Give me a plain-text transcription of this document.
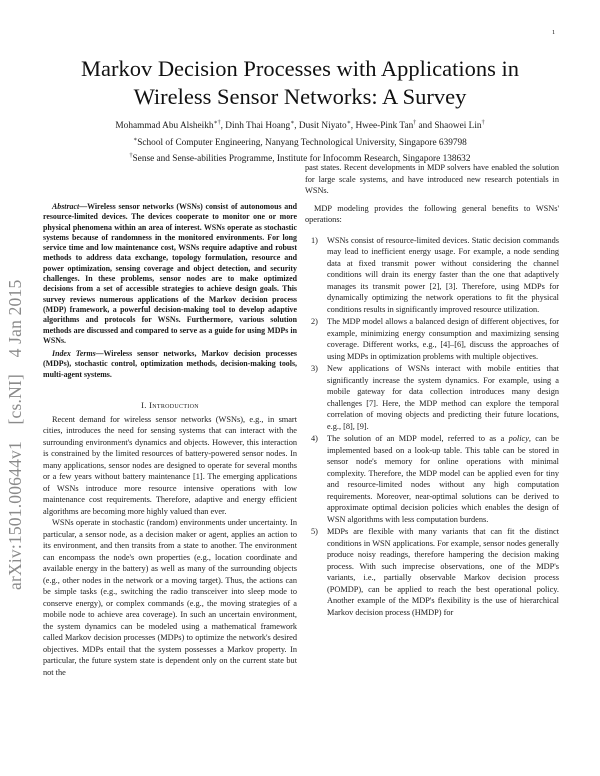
1
arXiv:1501.00644v1 [cs.NI] 4 Jan 2015
Markov Decision Processes with Applications in
Wireless Sensor Networks: A Survey
Mohammad Abu Alsheikh∗†, Dinh Thai Hoang∗, Dusit Niyato∗, Hwee-Pink Tan† and Shaowei Lin†
∗School of Computer Engineering, Nanyang Technological University, Singapore 639798
†Sense and Sense-abilities Programme, Institute for Infocomm Research, Singapore 138632

Abstract—Wireless sensor networks (WSNs) consist of autonomous and resource-limited devices. The devices cooperate to monitor one or more physical phenomena within an area of interest. WSNs operate as stochastic systems because of randomness in the monitored environments. For long service time and low maintenance cost, WSNs require adaptive and robust methods to address data exchange, topology formulation, resource and power optimization, sensing coverage and object detection, and security challenges. In these problems, sensor nodes are to make optimized decisions from a set of accessible strategies to achieve design goals. This survey reviews numerous applications of the Markov decision process (MDP) framework, a powerful decision-making tool to develop adaptive algorithms and protocols for WSNs. Furthermore, various solution methods are discussed and compared to serve as a guide for using MDPs in WSNs.

Index Terms—Wireless sensor networks, Markov decision processes (MDPs), stochastic control, optimization methods, decision-making tools, multi-agent systems.

I. Introduction

Recent demand for wireless sensor networks (WSNs), e.g., in smart cities, introduces the need for sensing systems that can interact with the surrounding environment's dynamics and objects. However, this interaction is constrained by the limited resources of battery-powered sensor nodes. In many applications, sensor nodes are designed to operate for several months or a few years without battery maintenance [1]. The emerging applications of WSNs introduce more resource intensive operations with low maintenance cost requirements. Therefore, adaptive and energy efficient algorithms are becoming more highly valued than ever.

WSNs operate in stochastic (random) environments under uncertainty. In particular, a sensor node, as a decision maker or agent, applies an action to its environment, and then transits from a state to another. The environment can encompass the node's own properties (e.g., location coordinate and available energy in the battery) as well as many of the surrounding objects (e.g., other nodes in the network or a moving target). Thus, the actions can be simple tasks (e.g., switching the radio transceiver into sleep mode to conserve energy), or complex commands (e.g., the moving strategies of a mobile node to achieve area coverage). In such an uncertain environment, the system dynamics can be modeled using a mathematical framework called Markov decision processes (MDPs) to optimize the network's desired objectives. MDPs entail that the system possesses a Markov property. In particular, the future system state is dependent only on the current state but not the

past states. Recent developments in MDP solvers have enabled the solution for large scale systems, and have introduced new research potentials in WSNs.

MDP modeling provides the following general benefits to WSNs' operations:

1) WSNs consist of resource-limited devices. Static decision commands may lead to inefficient energy usage. For example, a node sending data at fixed transmit power without considering the channel conditions will drain its energy faster than the one that adaptively manages its transmit power [2], [3]. Therefore, using MDPs for dynamically optimizing the network operations to fit the physical conditions results in significantly improved resource utilization.
2) The MDP model allows a balanced design of different objectives, for example, minimizing energy consumption and maximizing sensing coverage. Different works, e.g., [4]–[6], discuss the approaches of using MDPs in optimization problems with multiple objectives.
3) New applications of WSNs interact with mobile entities that significantly increase the system dynamics. For example, using a mobile gateway for data collection introduces many design challenges [7]. Here, the MDP method can explore the temporal correlation of moving objects and predicting their future locations, e.g., [8], [9].
4) The solution of an MDP model, referred to as a policy, can be implemented based on a look-up table. This table can be stored in sensor node's memory for online operations with minimal complexity. Therefore, the MDP model can be applied even for tiny and resource-limited nodes without any high computation requirements. Moreover, near-optimal solutions can be derived to approximate optimal decision policies which enables the design of WSN algorithms with less computation burdens.
5) MDPs are flexible with many variants that can fit the distinct conditions in WSN applications. For example, sensor nodes generally produce noisy readings, therefore hampering the decision making process. With such imprecise observations, one of the MDP's variants, i.e., partially observable Markov decision process (POMDP), can be applied to reach the best operational policy. Another example of the MDP's flexibility is the use of hierarchical Markov decision process (HMDP) for
